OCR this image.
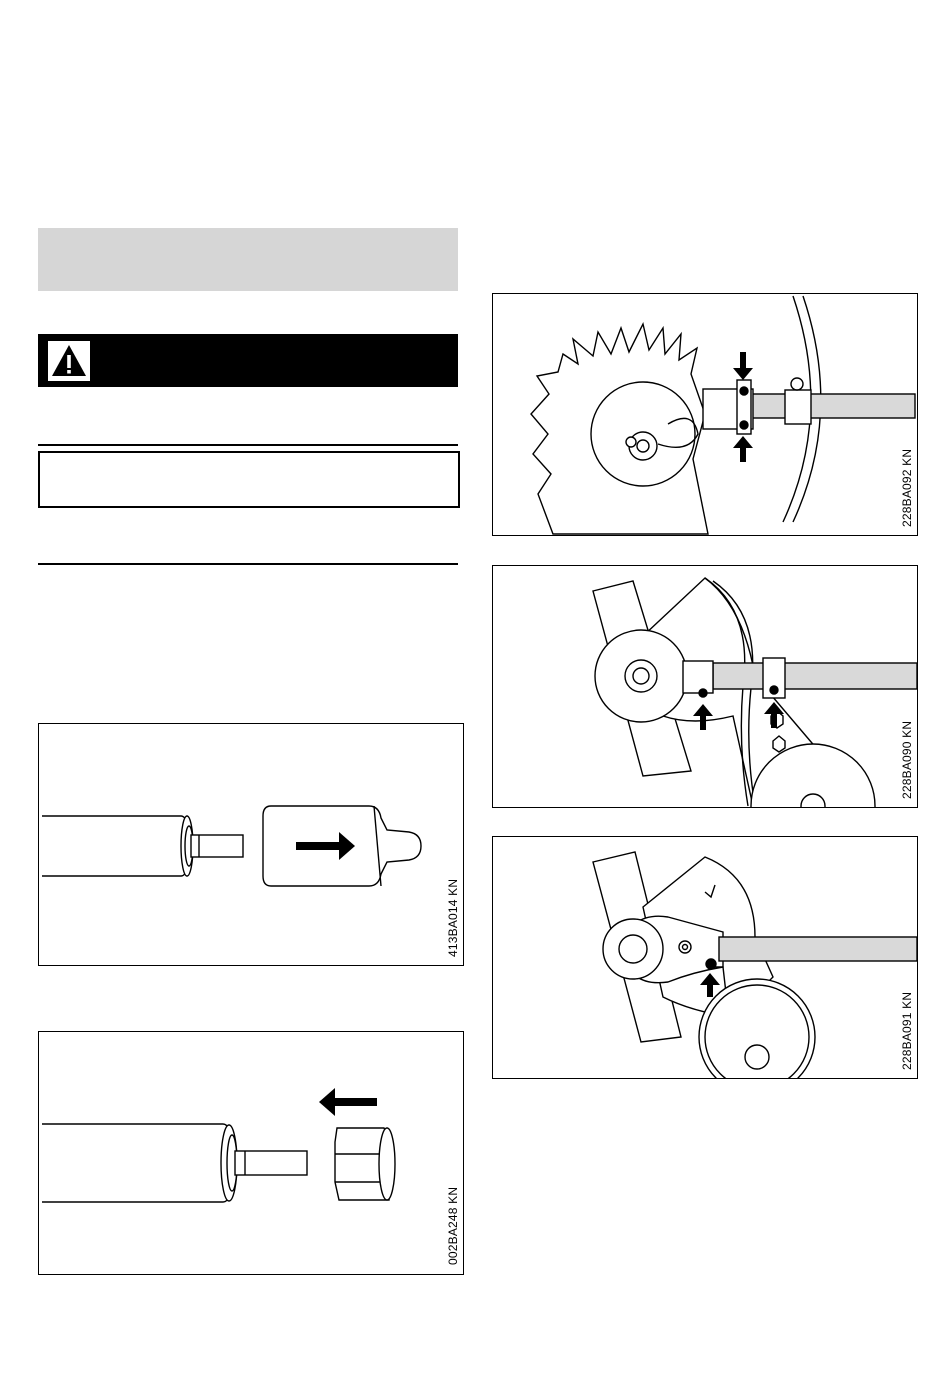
413BA014 KN
002BA248 KN
228BA092 KN
228BA090 KN
228BA091 KN
